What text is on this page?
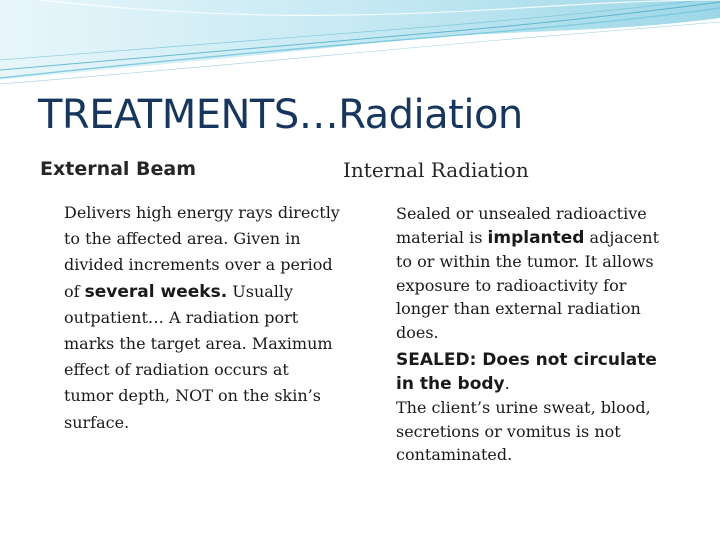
TREATMENTS…Radiation
External Beam

Delivers high energy rays directly to the affected area. Given in divided increments over a period of several weeks. Usually outpatient… A radiation port marks the target area. Maximum effect of radiation occurs at tumor depth, NOT on the skin’s surface.

Internal Radiation

Sealed or unsealed radioactive material is implanted adjacent to or within the tumor. It allows exposure to radioactivity for longer than external radiation does.

SEALED: Does not circulate in the body.
The client’s urine sweat, blood, secretions or vomitus is not contaminated.
